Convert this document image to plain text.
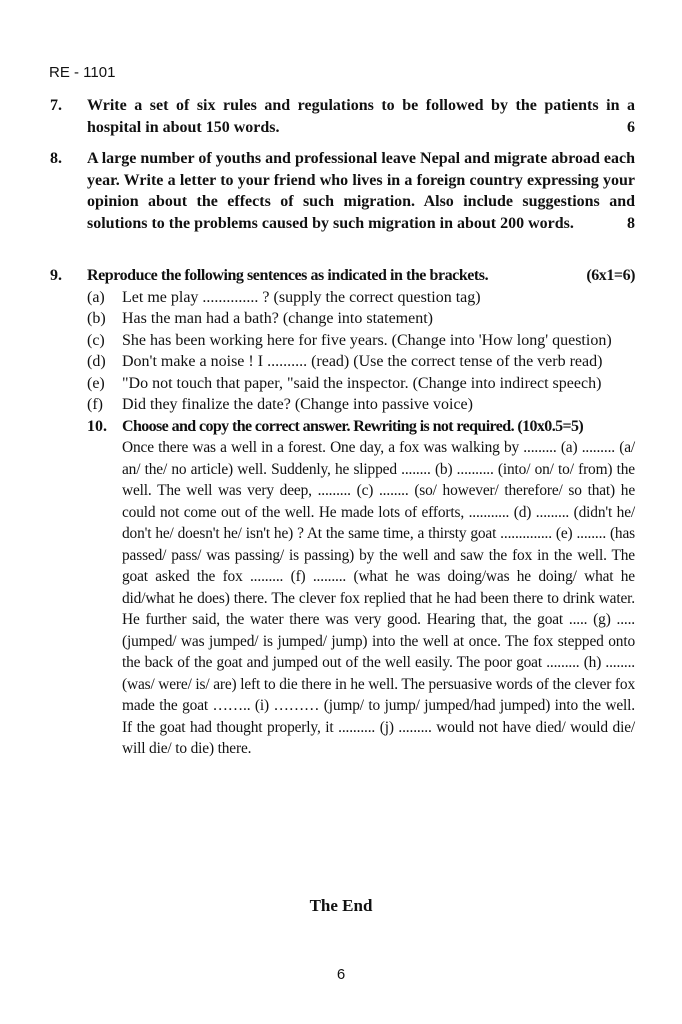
RE - 1101
7. Write a set of six rules and regulations to be followed by the patients in a hospital in about 150 words.	6
8. A large number of youths and professional leave Nepal and migrate abroad each year. Write a letter to your friend who lives in a foreign country expressing your opinion about the effects of such migration. Also include suggestions and solutions to the problems caused by such migration in about 200 words.	8
9. Reproduce the following sentences as indicated in the brackets.	(6x1=6)
(a) Let me play .............. ? (supply the correct question tag)
(b) Has the man had a bath? (change into statement)
(c) She has been working here for five years. (Change into 'How long' question)
(d) Don't make a noise ! I .......... (read) (Use the correct tense of the verb read)
(e) "Do not touch that paper, "said the inspector. (Change into indirect speech)
(f) Did they finalize the date? (Change into passive voice)
10. Choose and copy the correct answer. Rewriting is not required. (10x0.5=5)
Once there was a well in a forest. One day, a fox was walking by ......... (a) ......... (a/ an/ the/ no article) well. Suddenly, he slipped ........ (b) .......... (into/ on/ to/ from) the well. The well was very deep, ......... (c) ........ (so/ however/ therefore/ so that) he could not come out of the well. He made lots of efforts, ........... (d) ......... (didn't he/ don't he/ doesn't he/ isn't he) ? At the same time, a thirsty goat .............. (e) ........ (has passed/ pass/ was passing/ is passing) by the well and saw the fox in the well. The goat asked the fox ......... (f) ......... (what he was doing/was he doing/ what he did/what he does) there. The clever fox replied that he had been there to drink water. He further said, the water there was very good. Hearing that, the goat ..... (g) ..... (jumped/ was jumped/ is jumped/ jump) into the well at once. The fox stepped onto the back of the goat and jumped out of the well easily. The poor goat ......... (h) ........ (was/ were/ is/ are) left to die there in he well. The persuasive words of the clever fox made the goat …….. (i) ……… (jump/ to jump/ jumped/had jumped) into the well. If the goat had thought properly, it .......... (j) ......... would not have died/ would die/ will die/ to die) there.
The End
6
